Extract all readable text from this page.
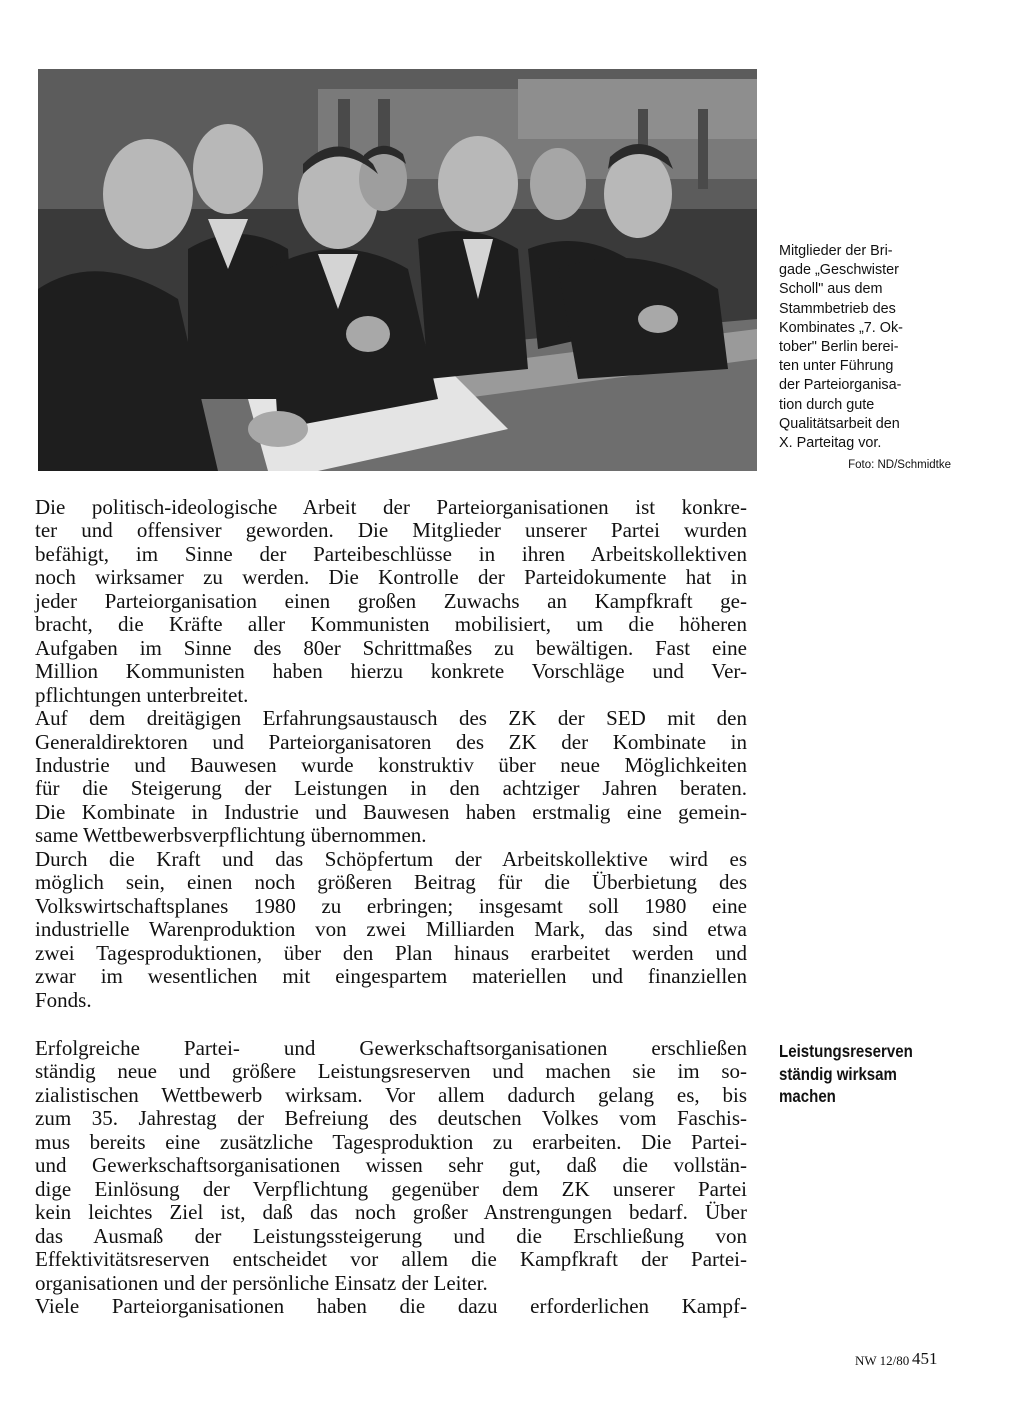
Mitglieder der Bri-
gade „Geschwister
Scholl" aus dem
Stammbetrieb des
Kombinates „7. Ok-
tober" Berlin berei-
ten unter Führung
der Parteiorganisa-
tion durch gute
Qualitätsarbeit den
X. Parteitag vor.
Foto: ND/Schmidtke
Die politisch-ideologische Arbeit der Parteiorganisationen ist konkre-
ter und offensiver geworden. Die Mitglieder unserer Partei wurden
befähigt, im Sinne der Parteibeschlüsse in ihren Arbeitskollektiven
noch wirksamer zu werden. Die Kontrolle der Parteidokumente hat in
jeder Parteiorganisation einen großen Zuwachs an Kampfkraft ge-
bracht, die Kräfte aller Kommunisten mobilisiert, um die höheren
Aufgaben im Sinne des 80er Schrittmaßes zu bewältigen. Fast eine
Million Kommunisten haben hierzu konkrete Vorschläge und Ver-
pflichtungen unterbreitet.
Auf dem dreitägigen Erfahrungsaustausch des ZK der SED mit den
Generaldirektoren und Parteiorganisatoren des ZK der Kombinate in
Industrie und Bauwesen wurde konstruktiv über neue Möglichkeiten
für die Steigerung der Leistungen in den achtziger Jahren beraten.
Die Kombinate in Industrie und Bauwesen haben erstmalig eine gemein-
same Wettbewerbsverpflichtung übernommen.
Durch die Kraft und das Schöpfertum der Arbeitskollektive wird es
möglich sein, einen noch größeren Beitrag für die Überbietung des
Volkswirtschaftsplanes 1980 zu erbringen; insgesamt soll 1980 eine
industrielle Warenproduktion von zwei Milliarden Mark, das sind etwa
zwei Tagesproduktionen, über den Plan hinaus erarbeitet werden und
zwar im wesentlichen mit eingespartem materiellen und finanziellen
Fonds.
Leistungsreserven
ständig wirksam
machen
Erfolgreiche Partei- und Gewerkschaftsorganisationen erschließen
ständig neue und größere Leistungsreserven und machen sie im so-
zialistischen Wettbewerb wirksam. Vor allem dadurch gelang es, bis
zum 35. Jahrestag der Befreiung des deutschen Volkes vom Faschis-
mus bereits eine zusätzliche Tagesproduktion zu erarbeiten. Die Partei-
und Gewerkschaftsorganisationen wissen sehr gut, daß die vollstän-
dige Einlösung der Verpflichtung gegenüber dem ZK unserer Partei
kein leichtes Ziel ist, daß das noch großer Anstrengungen bedarf. Über
das Ausmaß der Leistungssteigerung und die Erschließung von
Effektivitätsreserven entscheidet vor allem die Kampfkraft der Partei-
organisationen und der persönliche Einsatz der Leiter.
Viele Parteiorganisationen haben die dazu erforderlichen Kampf-
NW 12/80 451
